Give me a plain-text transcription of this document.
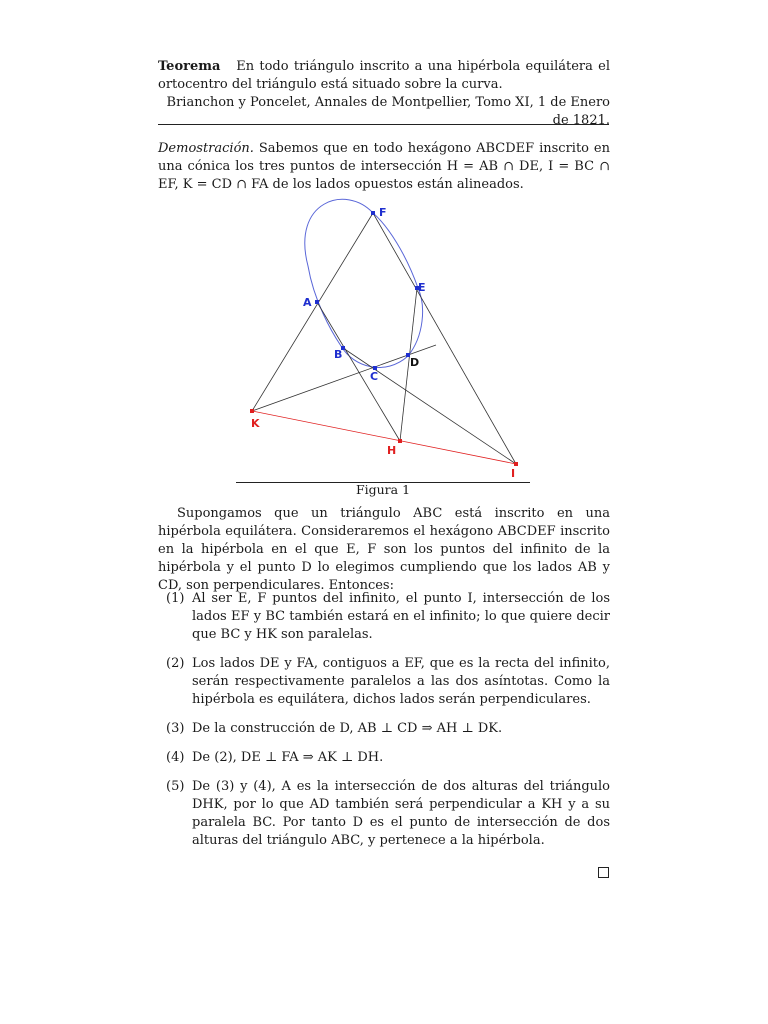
Teorema En todo triángulo inscrito a una hipérbola equilátera el ortocentro del triángulo está situado sobre la curva.
Brianchon y Poncelet, Annales de Montpellier, Tomo XI, 1 de Enero de 1821.
Demostración. Sabemos que en todo hexágono ABCDEF inscrito en una cónica los tres puntos de intersección H = AB ∩ DE, I = BC ∩ EF, K = CD ∩ FA de los lados opuestos están alineados.
F
E
A
B
C
D
K
H
I
Figura 1

Supongamos que un triángulo ABC está inscrito en una hipérbola equilátera. Consideraremos el hexágono ABCDEF inscrito en la hipérbola en el que E, F son los puntos del infinito de la hipérbola y el punto D lo elegimos cumpliendo que los lados AB y CD, son perpendiculares. Entonces:

(1) Al ser E, F puntos del infinito, el punto I, intersección de los lados EF y BC también estará en el infinito; lo que quiere decir que BC y HK son paralelas.
(2) Los lados DE y FA, contiguos a EF, que es la recta del infinito, serán respectivamente paralelos a las dos asíntotas. Como la hipérbola es equilátera, dichos lados serán perpendiculares.
(3) De la construcción de D, AB ⊥ CD ⇒ AH ⊥ DK.
(4) De (2), DE ⊥ FA ⇒ AK ⊥ DH.
(5) De (3) y (4), A es la intersección de dos alturas del triángulo DHK, por lo que AD también será perpendicular a KH y a su paralela BC. Por tanto D es el punto de intersección de dos alturas del triángulo ABC, y pertenece a la hipérbola.
